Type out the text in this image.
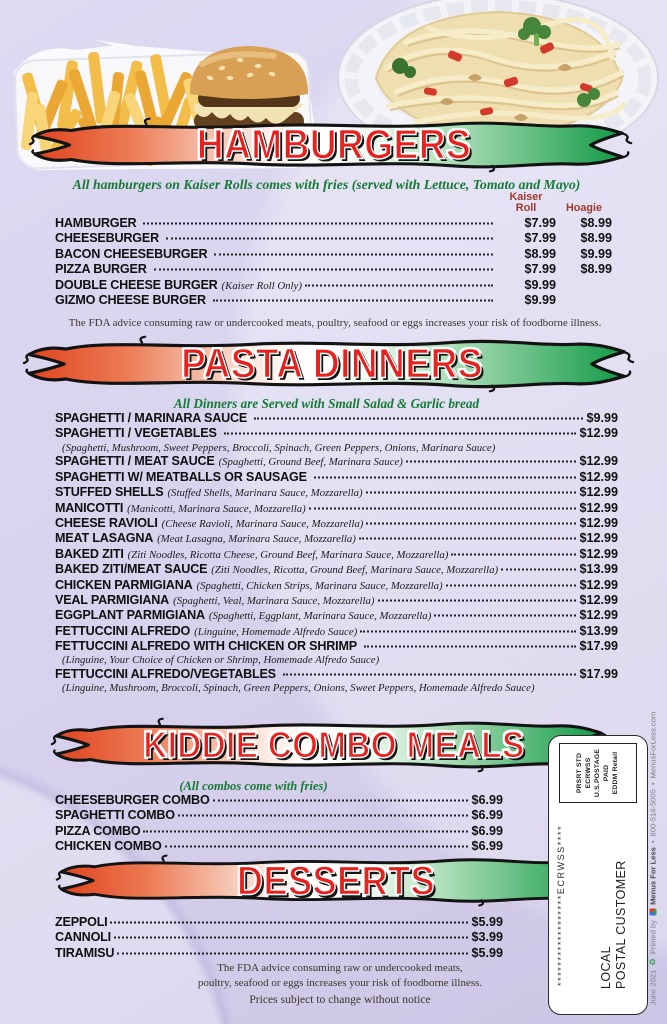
HAMBURGERS
All hamburgers on Kaiser Rolls comes with fries (served with Lettuce, Tomato and Mayo)
Kaiser
Roll	Hoagie
HAMBURGER	$7.99	$8.99
CHEESEBURGER	$7.99	$8.99
BACON CHEESEBURGER	$8.99	$9.99
PIZZA BURGER	$7.99	$8.99
DOUBLE CHEESE BURGER (Kaiser Roll Only)	$9.99
GIZMO CHEESE BURGER	$9.99
The FDA advice consuming raw or undercooked meats, poultry, seafood or eggs increases your risk of foodborne illness.
PASTA DINNERS
All Dinners are Served with Small Salad & Garlic bread
SPAGHETTI / MARINARA SAUCE	$9.99
SPAGHETTI / VEGETABLES	$12.99
(Spaghetti, Mushroom, Sweet Peppers, Broccoli, Spinach, Green Peppers, Onions, Marinara Sauce)
SPAGHETTI / MEAT SAUCE (Spaghetti, Ground Beef, Marinara Sauce)	$12.99
SPAGHETTI W/ MEATBALLS OR SAUSAGE	$12.99
STUFFED SHELLS (Stuffed Shells, Marinara Sauce, Mozzarella)	$12.99
MANICOTTI (Manicotti, Marinara Sauce, Mozzarella)	$12.99
CHEESE RAVIOLI (Cheese Ravioli, Marinara Sauce, Mozzarella)	$12.99
MEAT LASAGNA (Meat Lasagna, Marinara Sauce, Mozzarella)	$12.99
BAKED ZITI (Ziti Noodles, Ricotta Cheese, Ground Beef, Marinara Sauce, Mozzarella)	$12.99
BAKED ZITI/MEAT SAUCE (Ziti Noodles, Ricotta, Ground Beef, Marinara Sauce, Mozzarella)	$13.99
CHICKEN PARMIGIANA (Spaghetti, Chicken Strips, Marinara Sauce, Mozzarella)	$12.99
VEAL PARMIGIANA (Spaghetti, Veal, Marinara Sauce, Mozzarella)	$12.99
EGGPLANT PARMIGIANA (Spaghetti, Eggplant, Marinara Sauce, Mozzarella)	$12.99
FETTUCCINI ALFREDO (Linguine, Homemade Alfredo Sauce)	$13.99
FETTUCCINI ALFREDO WITH CHICKEN OR SHRIMP	$17.99
(Linguine, Your Choice of Chicken or Shrimp, Homemade Alfredo Sauce)
FETTUCCINI ALFREDO/VEGETABLES	$17.99
(Linguine, Mushroom, Broccoli, Spinach, Green Peppers, Onions, Sweet Peppers, Homemade Alfredo Sauce)
KIDDIE COMBO MEALS
(All combos come with fries)
CHEESEBURGER COMBO	$6.99
SPAGHETTI COMBO	$6.99
PIZZA COMBO	$6.99
CHICKEN COMBO	$6.99
DESSERTS
ZEPPOLI	$5.99
CANNOLI	$3.99
TIRAMISU	$5.99
The FDA advice consuming raw or undercooked meats,
poultry, seafood or eggs increases your risk of foodborne illness.
Prices subject to change without notice
******************ECRWSS****	LOCAL POSTAL CUSTOMER
PRSRT STD ECRWSS U.S.POSTAGE PAID EDDM Retail
June 2021
♻
Printed by
Menus For Less
•
800-514-5005
•
MenusForLess.com
